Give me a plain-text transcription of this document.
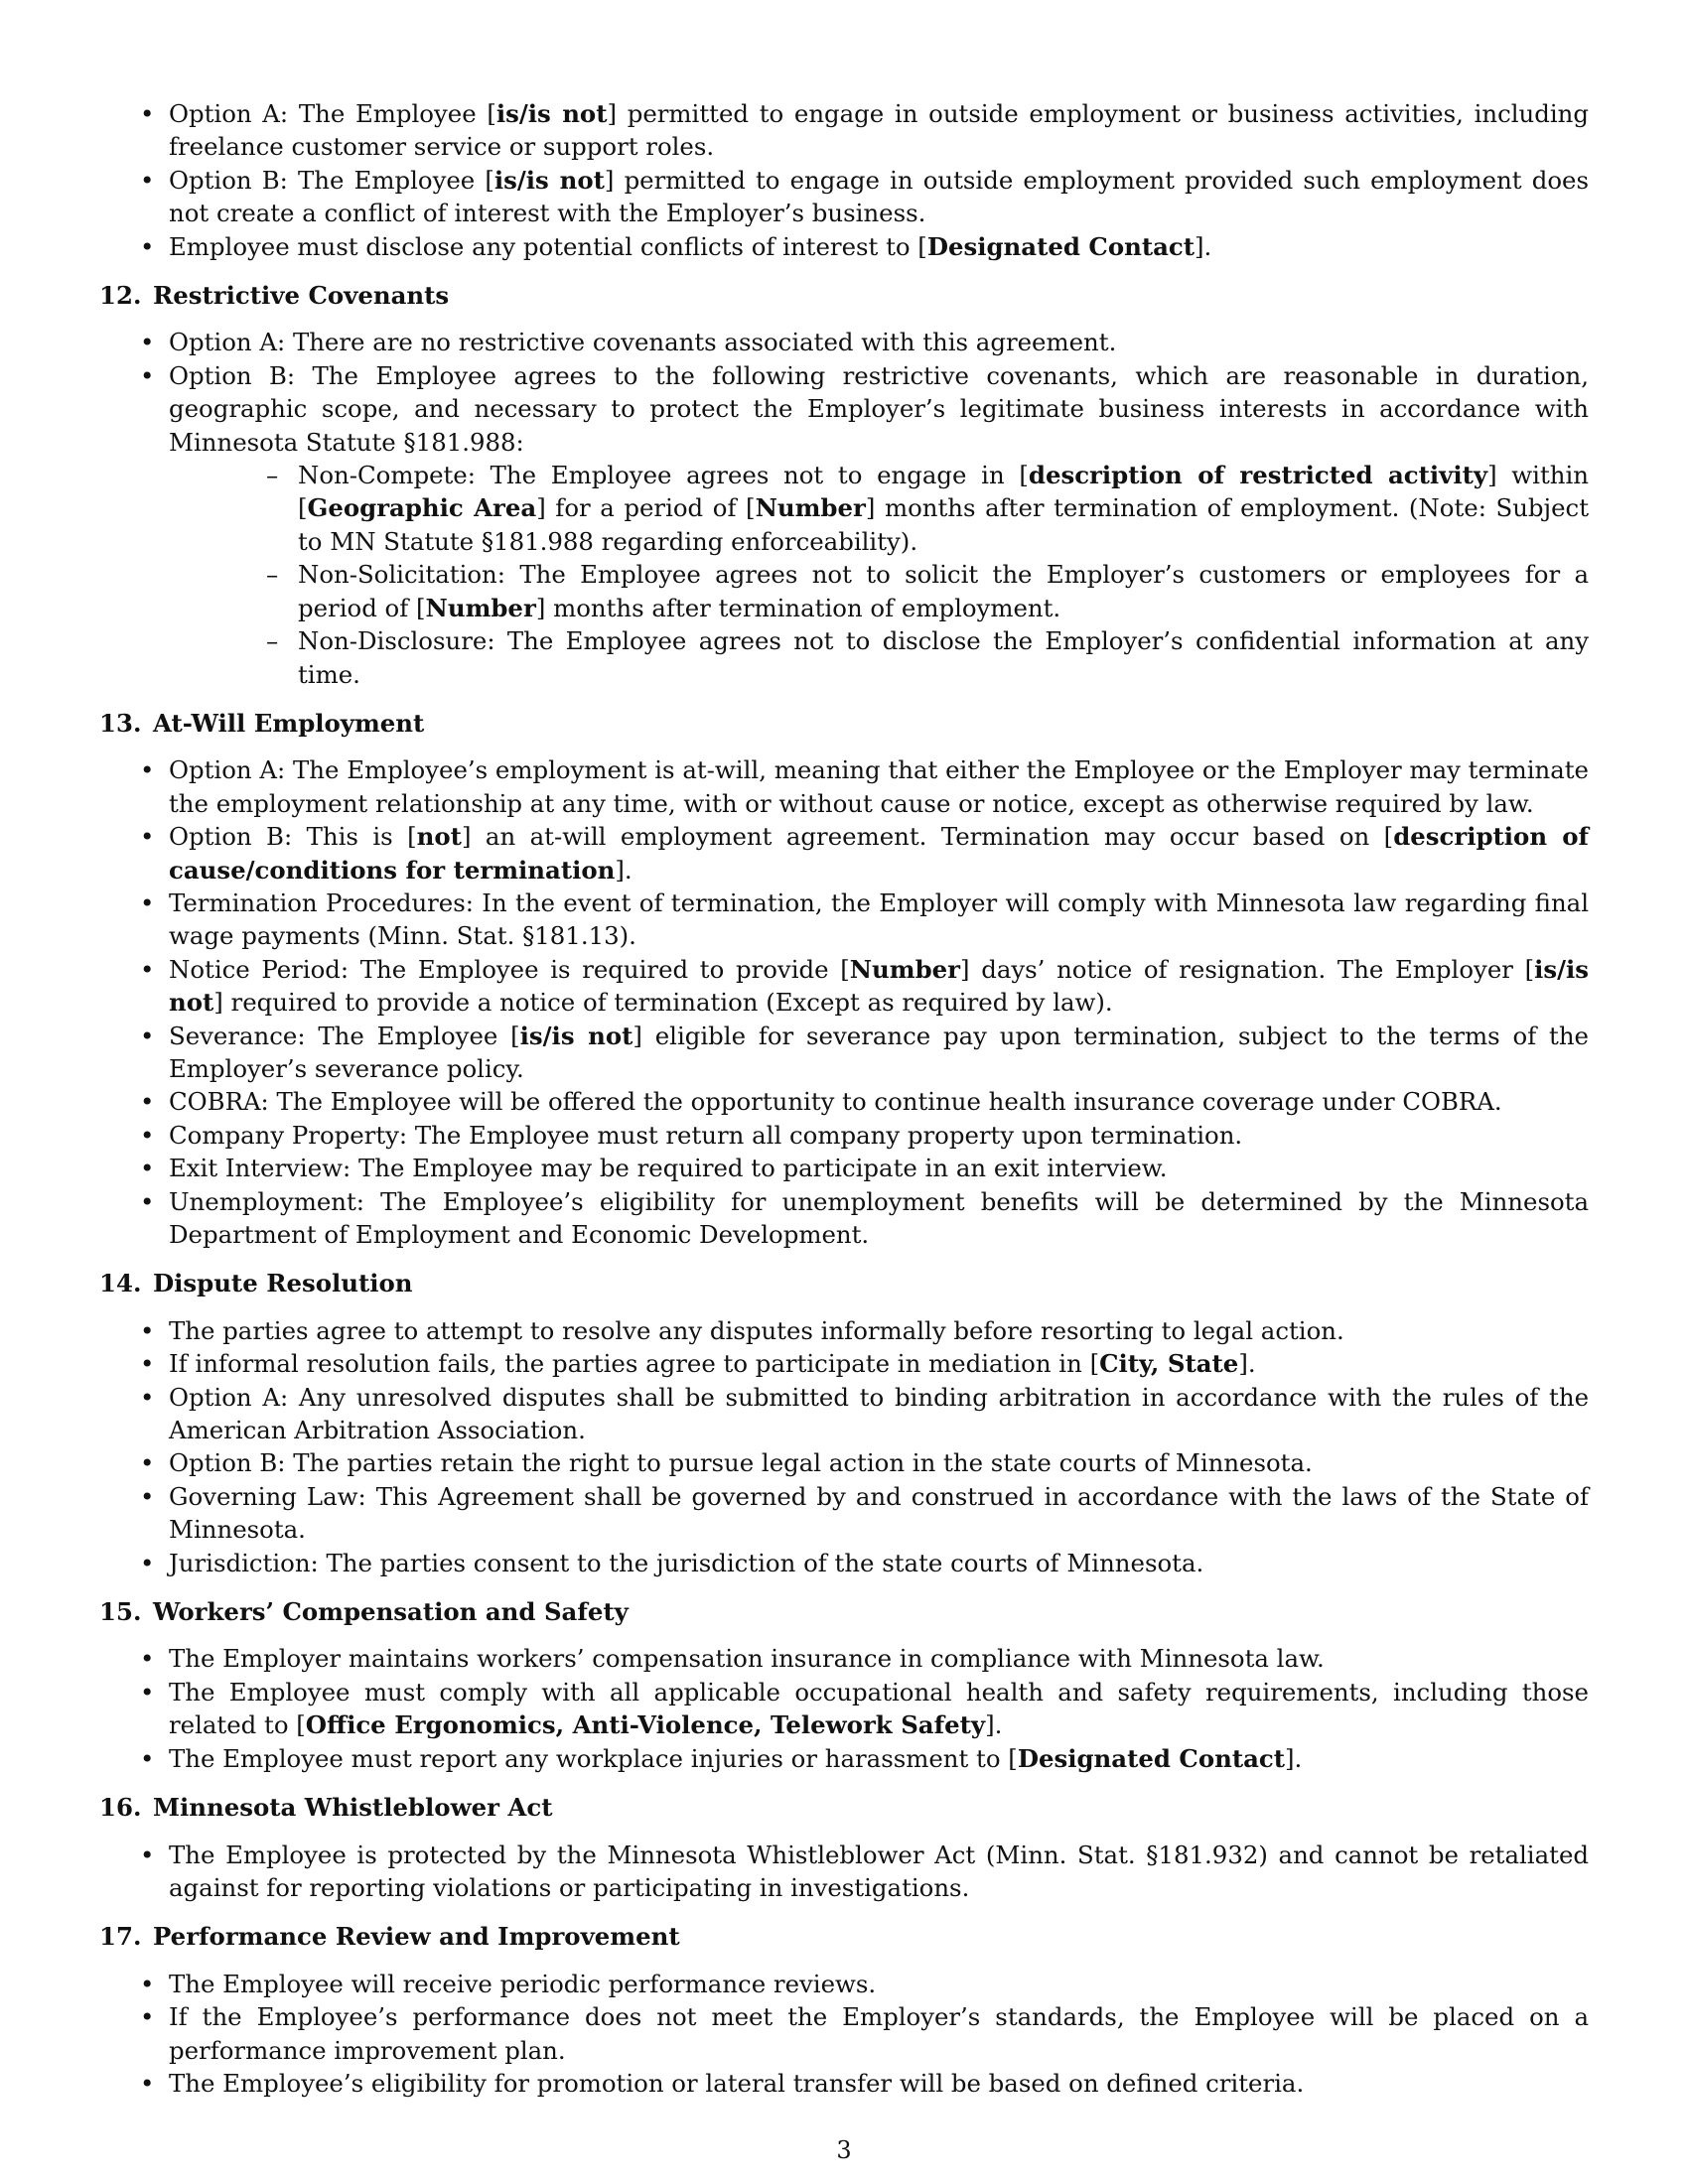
• Option A: The Employee [is/is not] permitted to engage in outside employment or business activities, including freelance customer service or support roles.
• Option B: The Employee [is/is not] permitted to engage in outside employment provided such employment does not create a conflict of interest with the Employer’s business.
• Employee must disclose any potential conflicts of interest to [Designated Contact].
12. Restrictive Covenants
• Option A: There are no restrictive covenants associated with this agreement.
• Option B: The Employee agrees to the following restrictive covenants, which are reasonable in duration, geographic scope, and necessary to protect the Employer’s legitimate business interests in accordance with Minnesota Statute §181.988:
– Non-Compete: The Employee agrees not to engage in [description of restricted activity] within [Geographic Area] for a period of [Number] months after termination of employment. (Note: Subject to MN Statute §181.988 regarding enforceability).
– Non-Solicitation: The Employee agrees not to solicit the Employer’s customers or employees for a period of [Number] months after termination of employment.
– Non-Disclosure: The Employee agrees not to disclose the Employer’s confidential information at any time.
13. At-Will Employment
• Option A: The Employee’s employment is at-will, meaning that either the Employee or the Employer may terminate the employment relationship at any time, with or without cause or notice, except as otherwise required by law.
• Option B: This is [not] an at-will employment agreement. Termination may occur based on [description of cause/conditions for termination].
• Termination Procedures: In the event of termination, the Employer will comply with Minnesota law regarding final wage payments (Minn. Stat. §181.13).
• Notice Period: The Employee is required to provide [Number] days’ notice of resignation. The Employer [is/is not] required to provide a notice of termination (Except as required by law).
• Severance: The Employee [is/is not] eligible for severance pay upon termination, subject to the terms of the Employer’s severance policy.
• COBRA: The Employee will be offered the opportunity to continue health insurance coverage under COBRA.
• Company Property: The Employee must return all company property upon termination.
• Exit Interview: The Employee may be required to participate in an exit interview.
• Unemployment: The Employee’s eligibility for unemployment benefits will be determined by the Minnesota Department of Employment and Economic Development.
14. Dispute Resolution
• The parties agree to attempt to resolve any disputes informally before resorting to legal action.
• If informal resolution fails, the parties agree to participate in mediation in [City, State].
• Option A: Any unresolved disputes shall be submitted to binding arbitration in accordance with the rules of the American Arbitration Association.
• Option B: The parties retain the right to pursue legal action in the state courts of Minnesota.
• Governing Law: This Agreement shall be governed by and construed in accordance with the laws of the State of Minnesota.
• Jurisdiction: The parties consent to the jurisdiction of the state courts of Minnesota.
15. Workers’ Compensation and Safety
• The Employer maintains workers’ compensation insurance in compliance with Minnesota law.
• The Employee must comply with all applicable occupational health and safety requirements, including those related to [Office Ergonomics, Anti-Violence, Telework Safety].
• The Employee must report any workplace injuries or harassment to [Designated Contact].
16. Minnesota Whistleblower Act
• The Employee is protected by the Minnesota Whistleblower Act (Minn. Stat. §181.932) and cannot be retaliated against for reporting violations or participating in investigations.
17. Performance Review and Improvement
• The Employee will receive periodic performance reviews.
• If the Employee’s performance does not meet the Employer’s standards, the Employee will be placed on a performance improvement plan.
• The Employee’s eligibility for promotion or lateral transfer will be based on defined criteria.
3
